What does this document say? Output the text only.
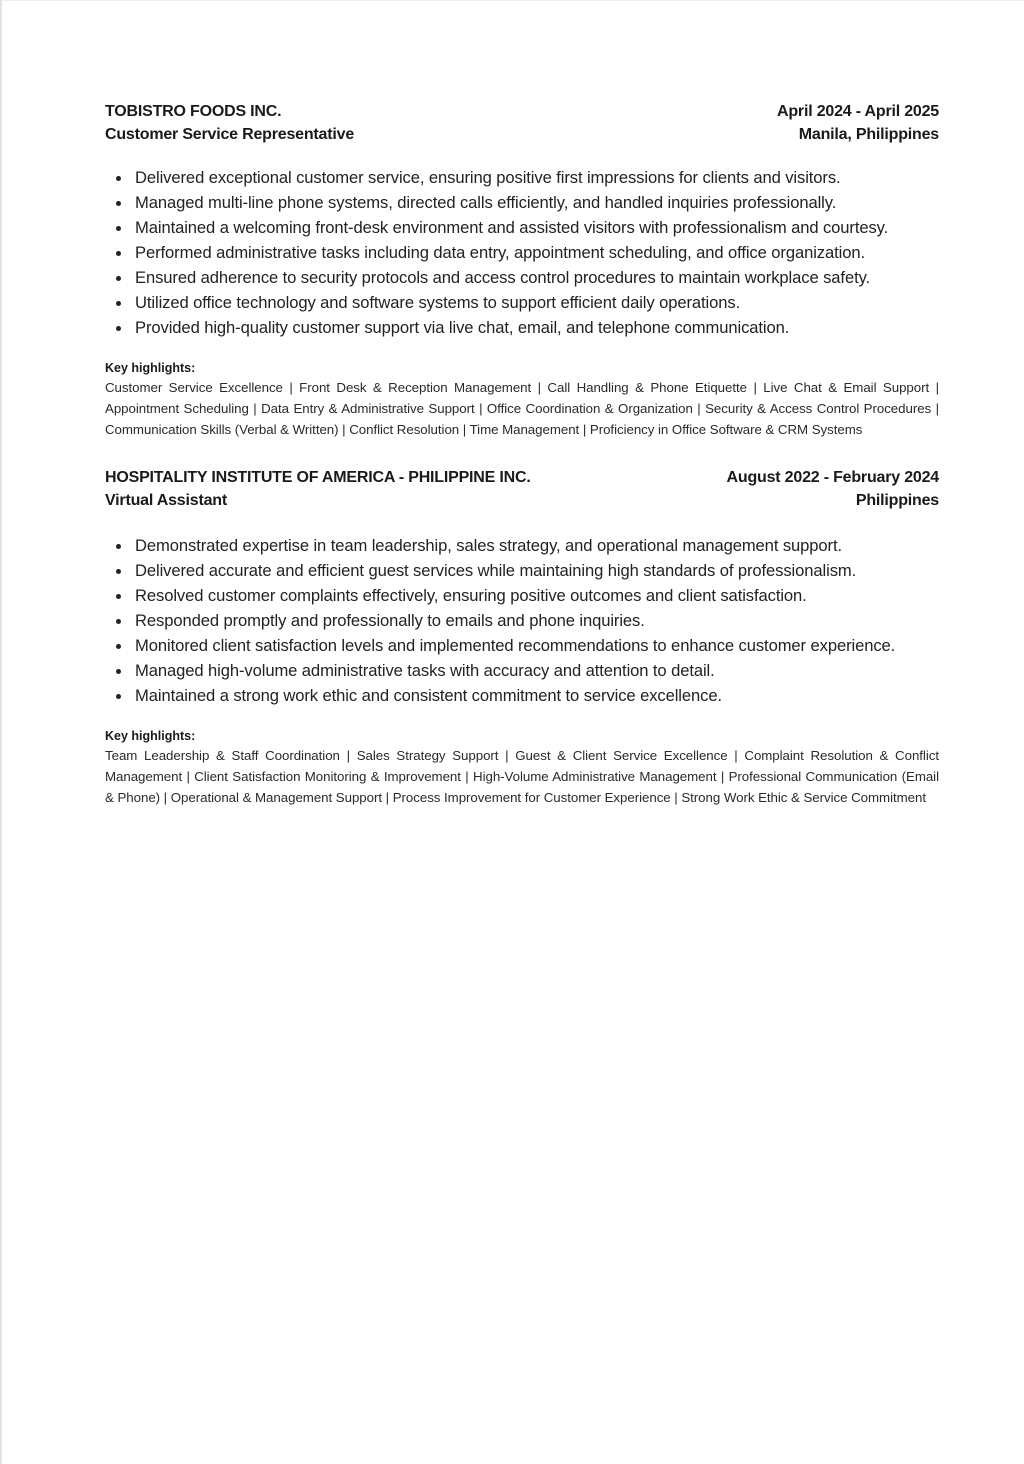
TOBISTRO FOODS INC.
Customer Service Representative
April 2024 - April 2025
Manila, Philippines
Delivered exceptional customer service, ensuring positive first impressions for clients and visitors.
Managed multi-line phone systems, directed calls efficiently, and handled inquiries professionally.
Maintained a welcoming front-desk environment and assisted visitors with professionalism and courtesy.
Performed administrative tasks including data entry, appointment scheduling, and office organization.
Ensured adherence to security protocols and access control procedures to maintain workplace safety.
Utilized office technology and software systems to support efficient daily operations.
Provided high-quality customer support via live chat, email, and telephone communication.
Key highlights:
Customer Service Excellence | Front Desk & Reception Management | Call Handling & Phone Etiquette | Live Chat & Email Support | Appointment Scheduling | Data Entry & Administrative Support | Office Coordination & Organization | Security & Access Control Procedures | Communication Skills (Verbal & Written) | Conflict Resolution | Time Management | Proficiency in Office Software & CRM Systems
HOSPITALITY INSTITUTE OF AMERICA - PHILIPPINE INC.
Virtual Assistant
August 2022 - February 2024
Philippines
Demonstrated expertise in team leadership, sales strategy, and operational management support.
Delivered accurate and efficient guest services while maintaining high standards of professionalism.
Resolved customer complaints effectively, ensuring positive outcomes and client satisfaction.
Responded promptly and professionally to emails and phone inquiries.
Monitored client satisfaction levels and implemented recommendations to enhance customer experience.
Managed high-volume administrative tasks with accuracy and attention to detail.
Maintained a strong work ethic and consistent commitment to service excellence.
Key highlights:
Team Leadership & Staff Coordination | Sales Strategy Support | Guest & Client Service Excellence | Complaint Resolution & Conflict Management | Client Satisfaction Monitoring & Improvement | High-Volume Administrative Management | Professional Communication (Email & Phone) | Operational & Management Support | Process Improvement for Customer Experience | Strong Work Ethic & Service Commitment
